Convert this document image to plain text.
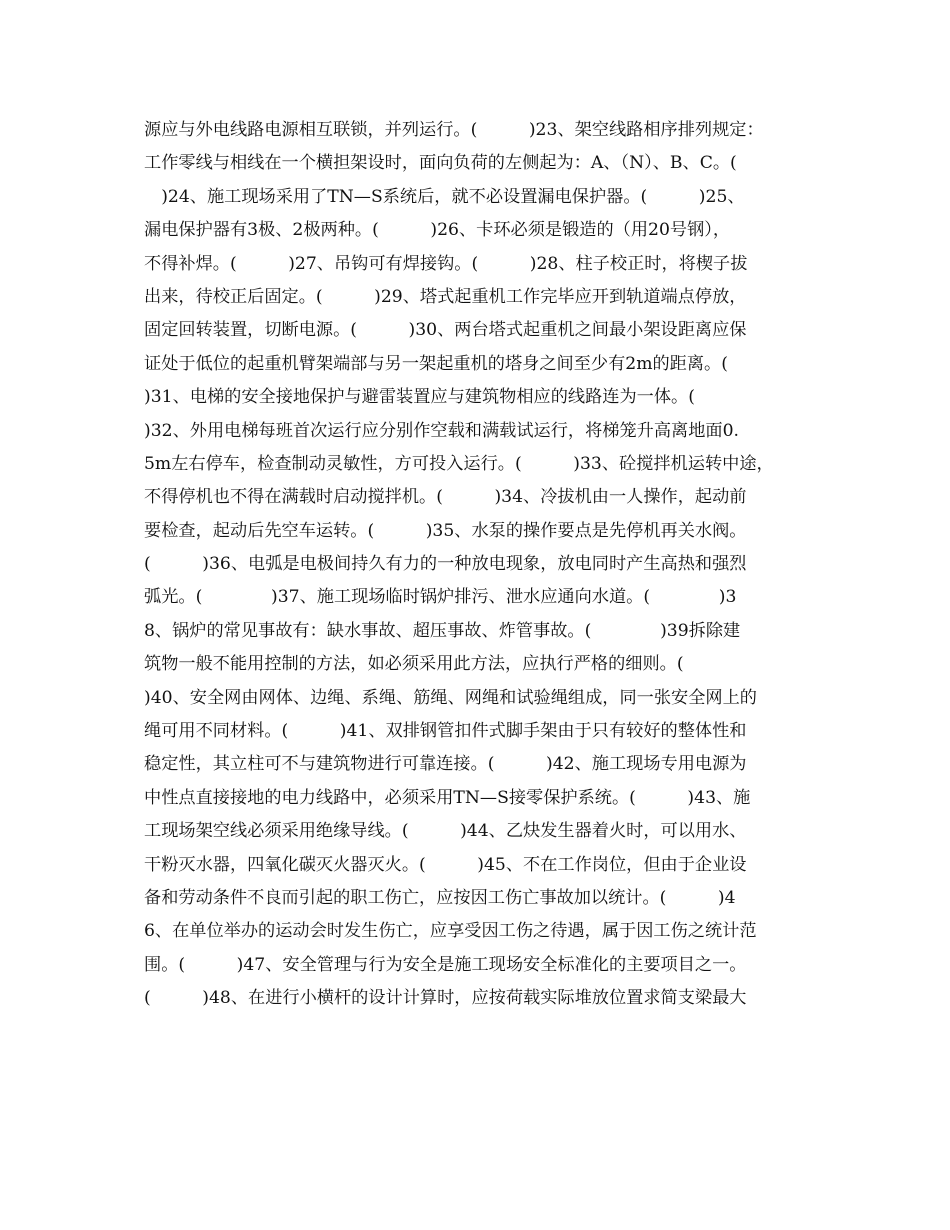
源应与外电线路电源相互联锁，并列运行。(　　　)23、架空线路相序排列规定：
工作零线与相线在一个横担架设时，面向负荷的左侧起为：A、（N）、B、C。(
　)24、施工现场采用了TN—S系统后，就不必设置漏电保护器。(　　　)25、
漏电保护器有3极、2极两种。(　　　)26、卡环必须是锻造的（用20号钢），
不得补焊。(　　　)27、吊钩可有焊接钩。(　　　)28、柱子校正时，将楔子拔
出来，待校正后固定。(　　　)29、塔式起重机工作完毕应开到轨道端点停放，
固定回转装置，切断电源。(　　　)30、两台塔式起重机之间最小架设距离应保
证处于低位的起重机臂架端部与另一架起重机的塔身之间至少有2m的距离。(
)31、电梯的安全接地保护与避雷装置应与建筑物相应的线路连为一体。(
)32、外用电梯每班首次运行应分别作空载和满载试运行，将梯笼升高离地面0.
5m左右停车，检查制动灵敏性，方可投入运行。(　　　)33、砼搅拌机运转中途，
不得停机也不得在满载时启动搅拌机。(　　　)34、冷拔机由一人操作，起动前
要检查，起动后先空车运转。(　　　)35、水泵的操作要点是先停机再关水阀。
(　　　)36、电弧是电极间持久有力的一种放电现象，放电同时产生高热和强烈
弧光。(　　　　)37、施工现场临时锅炉排污、泄水应通向水道。(　　　　)3
8、锅炉的常见事故有：缺水事故、超压事故、炸管事故。(　　　　)39拆除建
筑物一般不能用控制的方法，如必须采用此方法，应执行严格的细则。(
)40、安全网由网体、边绳、系绳、筋绳、网绳和试验绳组成，同一张安全网上的
绳可用不同材料。(　　　)41、双排钢管扣件式脚手架由于只有较好的整体性和
稳定性，其立柱可不与建筑物进行可靠连接。(　　　)42、施工现场专用电源为
中性点直接接地的电力线路中，必须采用TN—S接零保护系统。(　　　)43、施
工现场架空线必须采用绝缘导线。(　　　)44、乙炔发生器着火时，可以用水、
干粉灭水器，四氧化碳灭火器灭火。(　　　)45、不在工作岗位，但由于企业设
备和劳动条件不良而引起的职工伤亡，应按因工伤亡事故加以统计。(　　　)4
6、在单位举办的运动会时发生伤亡，应享受因工伤之待遇，属于因工伤之统计范
围。(　　　)47、安全管理与行为安全是施工现场安全标准化的主要项目之一。
(　　　)48、在进行小横杆的设计计算时，应按荷载实际堆放位置求简支梁最大
